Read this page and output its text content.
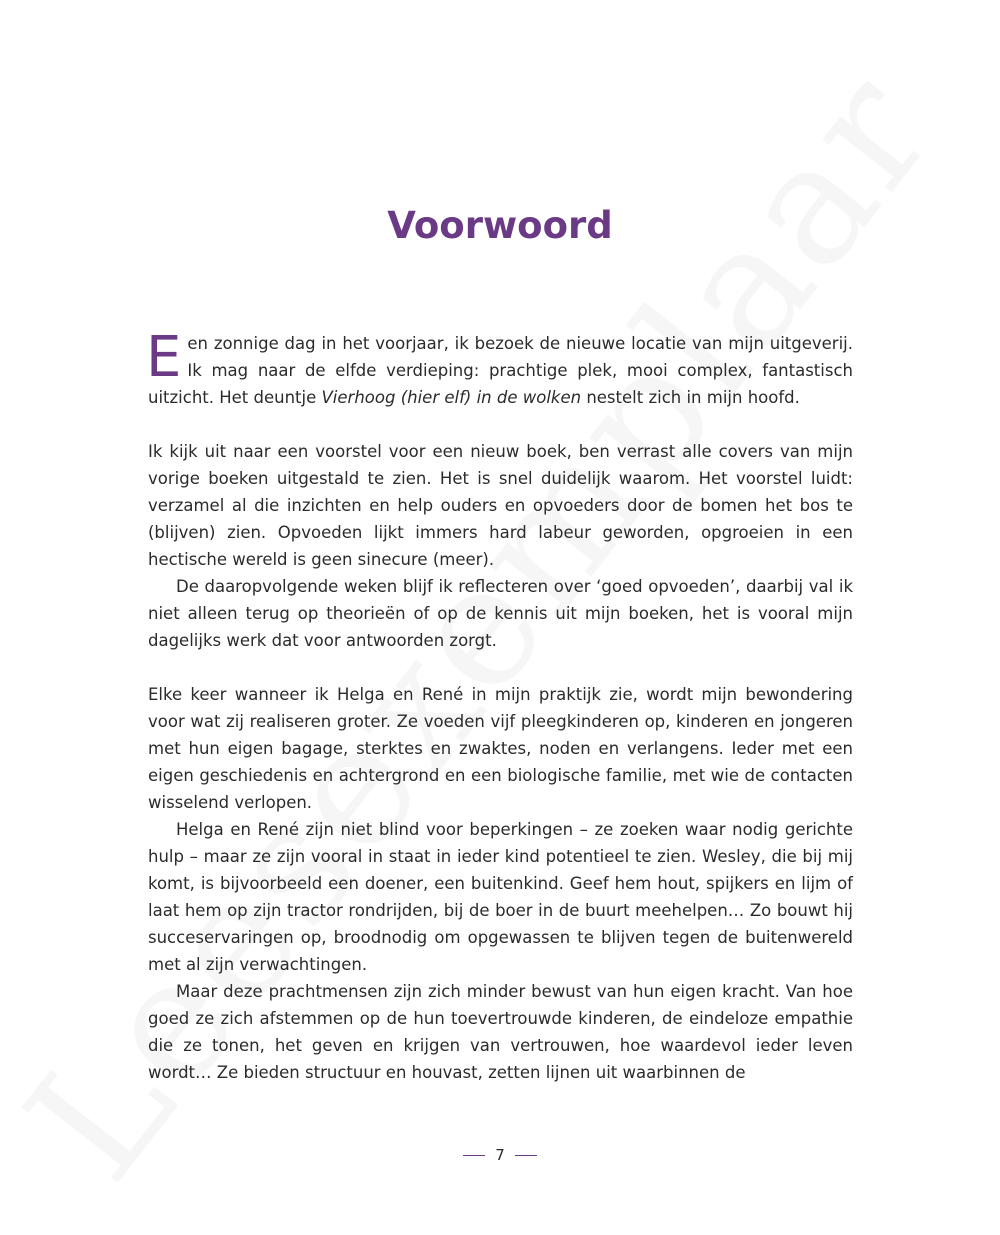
Voorwoord

Een zonnige dag in het voorjaar, ik bezoek de nieuwe locatie van mijn uitgeverij. Ik mag naar de elfde verdieping: prachtige plek, mooi complex, fantastisch uitzicht. Het deuntje Vierhoog (hier elf) in de wolken nestelt zich in mijn hoofd.

Ik kijk uit naar een voorstel voor een nieuw boek, ben verrast alle covers van mijn vorige boeken uitgestald te zien. Het is snel duidelijk waarom. Het voorstel luidt: verzamel al die inzichten en help ouders en opvoeders door de bomen het bos te (blijven) zien. Opvoeden lijkt immers hard labeur geworden, opgroeien in een hectische wereld is geen sinecure (meer).

De daaropvolgende weken blijf ik reflecteren over ‘goed opvoeden’, daarbij val ik niet alleen terug op theorieën of op de kennis uit mijn boeken, het is vooral mijn dagelijks werk dat voor antwoorden zorgt.

Elke keer wanneer ik Helga en René in mijn praktijk zie, wordt mijn bewondering voor wat zij realiseren groter. Ze voeden vijf pleegkinderen op, kinderen en jongeren met hun eigen bagage, sterktes en zwaktes, noden en verlangens. Ieder met een eigen geschiedenis en achtergrond en een biologische familie, met wie de contacten wisselend verlopen.

Helga en René zijn niet blind voor beperkingen – ze zoeken waar nodig gerichte hulp – maar ze zijn vooral in staat in ieder kind potentieel te zien. Wesley, die bij mij komt, is bijvoorbeeld een doener, een buitenkind. Geef hem hout, spijkers en lijm of laat hem op zijn tractor rondrijden, bij de boer in de buurt meehelpen… Zo bouwt hij succeservaringen op, broodnodig om opgewassen te blijven tegen de buitenwereld met al zijn verwachtingen.

Maar deze prachtmensen zijn zich minder bewust van hun eigen kracht. Van hoe goed ze zich afstemmen op de hun toevertrouwde kinderen, de eindeloze empathie die ze tonen, het geven en krijgen van vertrouwen, hoe waardevol ieder leven wordt… Ze bieden structuur en houvast, zetten lijnen uit waarbinnen de

7
